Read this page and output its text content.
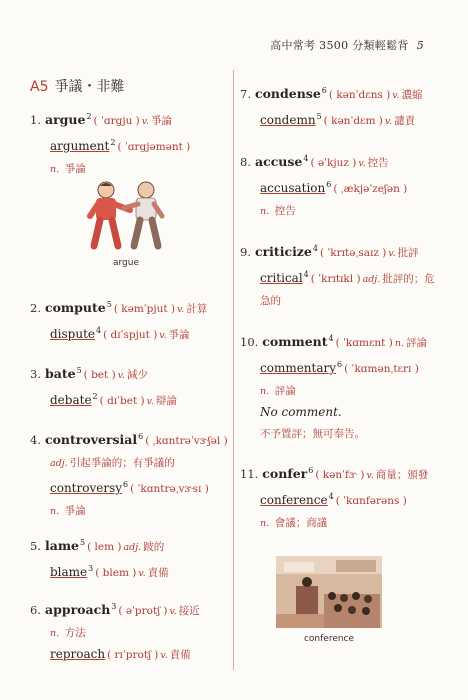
高中常考 3500 分類輕鬆背 5
A5 爭議・非難
1. argue$^2$ ( ˈɑrgju ) v. 爭論
argument$^2$ ( ˈɑrgjəmənt )
n. 爭論
argue
2. compute$^5$ ( kəmˈpjut ) v. 計算
dispute$^4$ ( dɪˈspjut ) v. 爭論
3. bate$^5$ ( bet ) v. 減少
debate$^2$ ( dɪˈbet ) v. 辯論
4. controversial$^6$ ( ˌkɑntrəˈvɝʃəl )
adj. 引起爭論的；有爭議的
controversy$^6$ ( ˈkɑntrəˌvɝsɪ )
n. 爭論
5. lame$^5$ ( lem ) adj. 跛的
blame$^3$ ( blem ) v. 責備
6. approach$^3$ ( əˈprotʃ ) v. 接近
n. 方法
reproach ( rɪˈprotʃ ) v. 責備
7. condense$^6$ ( kənˈdɛns ) v. 濃縮
condemn$^5$ ( kənˈdɛm ) v. 譴責
8. accuse$^4$ ( əˈkjuz ) v. 控告
accusation$^6$ ( ˌækjəˈzeʃən )
n. 控告
9. criticize$^4$ ( ˈkrɪtəˌsaɪz ) v. 批評
critical$^4$ ( ˈkrɪtɪkl ) adj. 批評的；危急的
10. comment$^4$ ( ˈkɑmɛnt ) n. 評論
commentary$^6$ ( ˈkɑmənˌtɛrɪ )
n. 評論
No comment.
不予置評；無可奉告。
11. confer$^6$ ( kənˈfɝ ) v. 商量；頒發
conference$^4$ ( ˈkɑnfərəns )
n. 會議；商議
conference
